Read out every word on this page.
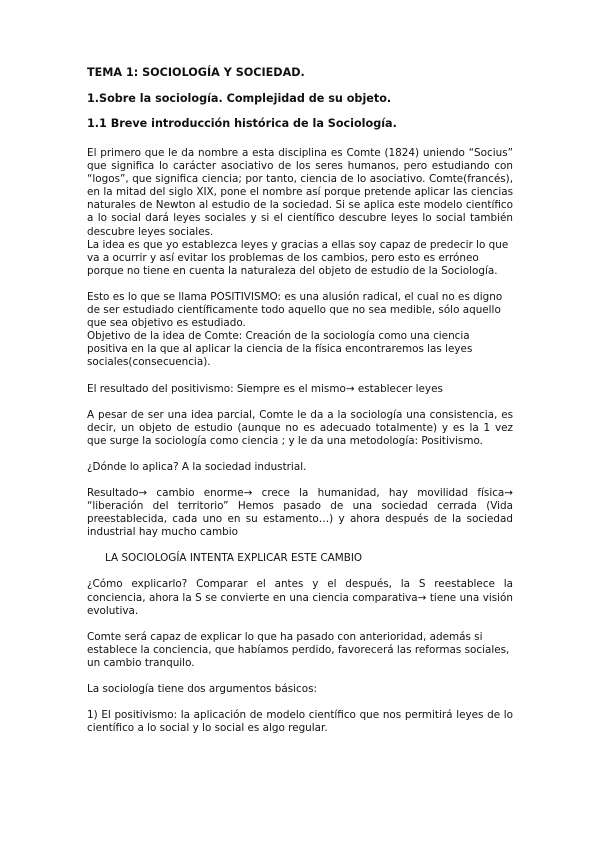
TEMA 1: SOCIOLOGÍA Y SOCIEDAD.

1.Sobre la sociología. Complejidad de su objeto.

1.1 Breve introducción histórica de la Sociología.

El primero que le da nombre a esta disciplina es Comte (1824) uniendo “Socius” que significa lo carácter asociativo de los seres humanos, pero estudiando con “logos”, que significa ciencia; por tanto, ciencia de lo asociativo. Comte(francés), en la mitad del siglo XIX, pone el nombre así porque pretende aplicar las ciencias naturales de Newton al estudio de la sociedad. Si se aplica este modelo científico a lo social dará leyes sociales y si el científico descubre leyes lo social también descubre leyes sociales.

La idea es que yo establezca leyes y gracias a ellas soy capaz de predecir lo que va a ocurrir y así evitar los problemas de los cambios, pero esto es erróneo porque no tiene en cuenta la naturaleza del objeto de estudio de la Sociología.

Esto es lo que se llama POSITIVISMO: es una alusión radical, el cual no es digno de ser estudiado científicamente todo aquello que no sea medible, sólo aquello que sea objetivo es estudiado.

Objetivo de la idea de Comte: Creación de la sociología como una ciencia positiva en la que al aplicar la ciencia de la física encontraremos las leyes sociales(consecuencia).

El resultado del positivismo: Siempre es el mismo→ establecer leyes

A pesar de ser una idea parcial, Comte le da a la sociología una consistencia, es decir, un objeto de estudio (aunque no es adecuado totalmente) y es la 1 vez que surge la sociología como ciencia ; y le da una metodología: Positivismo.

¿Dónde lo aplica? A la sociedad industrial.

Resultado→ cambio enorme→ crece la humanidad, hay movilidad física→ “liberación del territorio” Hemos pasado de una sociedad cerrada (Vida preestablecida, cada uno en su estamento…) y ahora después de la sociedad industrial hay mucho cambio

LA SOCIOLOGÍA INTENTA EXPLICAR ESTE CAMBIO

¿Cómo explicarlo? Comparar el antes y el después, la S reestablece la conciencia, ahora la S se convierte en una ciencia comparativa→ tiene una visión evolutiva.

Comte será capaz de explicar lo que ha pasado con anterioridad, además si establece la conciencia, que habíamos perdido, favorecerá las reformas sociales, un cambio tranquilo.

La sociología tiene dos argumentos básicos:

1) El positivismo: la aplicación de modelo científico que nos permitirá leyes de lo científico a lo social y lo social es algo regular.
